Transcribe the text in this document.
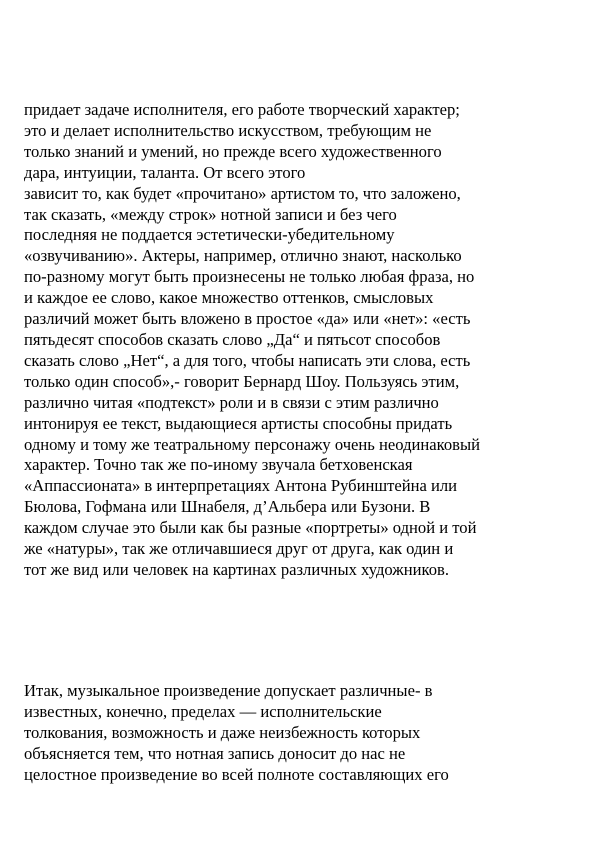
придает задаче исполнителя, его работе творческий характер;
это и делает исполнительство искусством, требующим не
только знаний и умений, но прежде всего художественного
дара, интуиции, таланта. От всего этого
зависит то, как будет «прочитано» артистом то, что заложено,
так сказать, «между строк» нотной записи и без чего
последняя не поддается эстетически-убедительному
«озвучиванию». Актеры, например, отлично знают, насколько
по-разному могут быть произнесены не только любая фраза, но
и каждое ее слово, какое множество оттенков, смысловых
различий может быть вложено в простое «да» или «нет»: «есть
пятьдесят способов сказать слово „Да“ и пятьсот способов
сказать слово „Нет“, а для того, чтобы написать эти слова, есть
только один способ»,- говорит Бернард Шоу. Пользуясь этим,
различно читая «подтекст» роли и в связи с этим различно
интонируя ее текст, выдающиеся артисты способны придать
одному и тому же театральному персонажу очень неодинаковый
характер. Точно так же по-иному звучала бетховенская
«Аппассионата» в интерпретациях Антона Рубинштейна или
Бюлова, Гофмана или Шнабеля, д’Альбера или Бузони. В
каждом случае это были как бы разные «портреты» одной и той
же «натуры», так же отличавшиеся друг от друга, как один и
тот же вид или человек на картинах различных художников.
Итак, музыкальное произведение допускает различные- в
известных, конечно, пределах — исполнительские
толкования, возможность и даже неизбежность которых
объясняется тем, что нотная запись доносит до нас не
целостное произведение во всей полноте составляющих его
